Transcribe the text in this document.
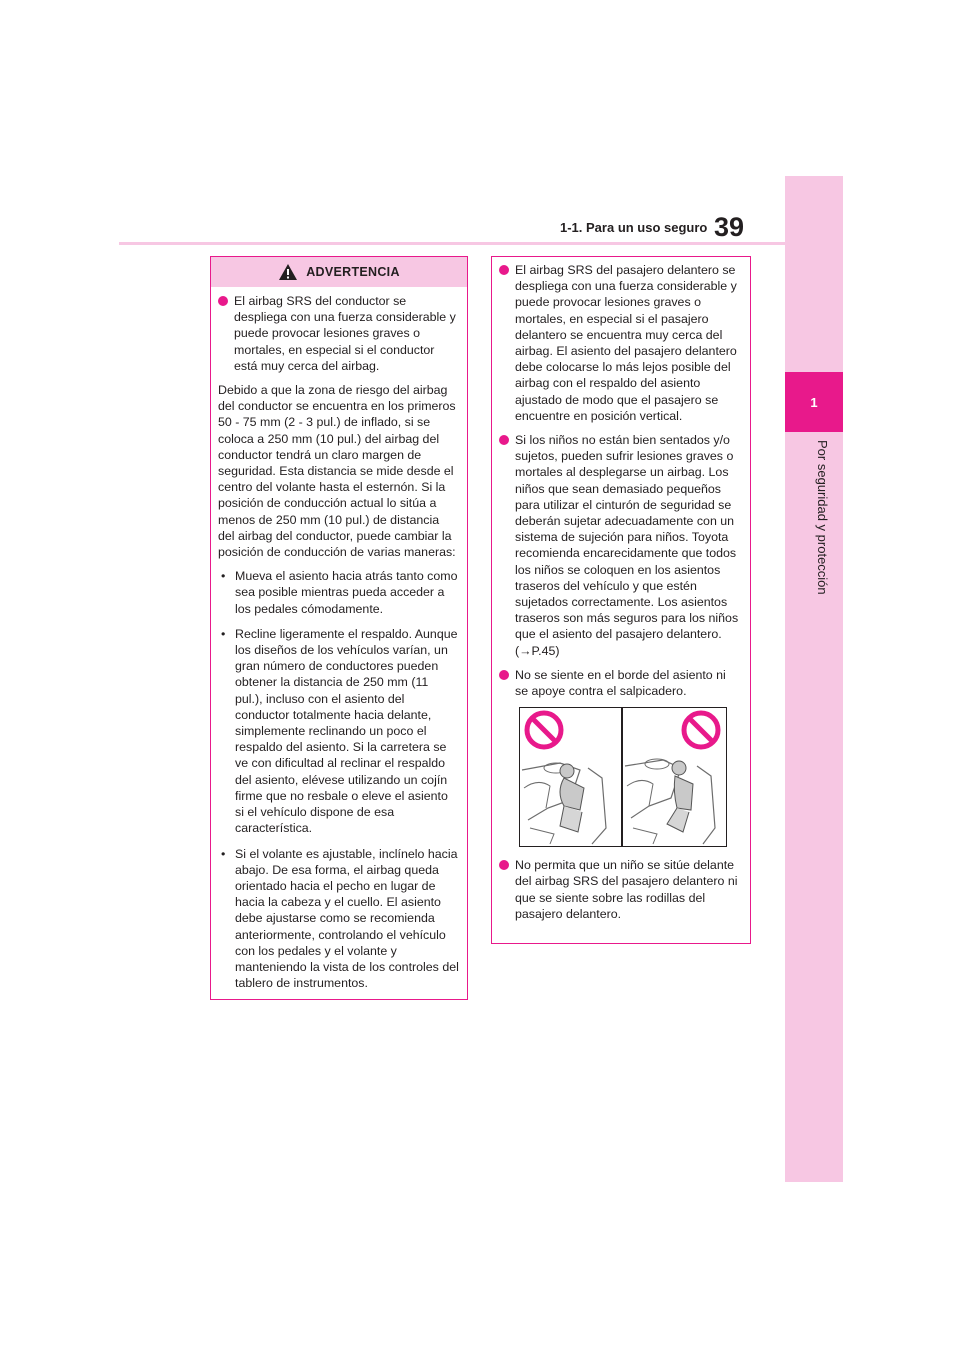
1-1. Para un uso seguro 39
1
Por seguridad y protección
ADVERTENCIA
El airbag SRS del conductor se despliega con una fuerza considerable y puede provocar lesiones graves o mortales, en especial si el conductor está muy cerca del airbag.
Debido a que la zona de riesgo del airbag del conductor se encuentra en los primeros 50 - 75 mm (2 - 3 pul.) de inflado, si se coloca a 250 mm (10 pul.) del airbag del conductor tendrá un claro margen de seguridad. Esta distancia se mide desde el centro del volante hasta el esternón. Si la posición de conducción actual lo sitúa a menos de 250 mm (10 pul.) de distancia del airbag del conductor, puede cambiar la posición de conducción de varias maneras:
• Mueva el asiento hacia atrás tanto como sea posible mientras pueda acceder a los pedales cómodamente.
• Recline ligeramente el respaldo. Aunque los diseños de los vehículos varían, un gran número de conductores pueden obtener la distancia de 250 mm (11 pul.), incluso con el asiento del conductor totalmente hacia delante, simplemente reclinando un poco el respaldo del asiento. Si la carretera se ve con dificultad al reclinar el respaldo del asiento, elévese utilizando un cojín firme que no resbale o eleve el asiento si el vehículo dispone de esa característica.
• Si el volante es ajustable, inclínelo hacia abajo. De esa forma, el airbag queda orientado hacia el pecho en lugar de hacia la cabeza y el cuello. El asiento debe ajustarse como se recomienda anteriormente, controlando el vehículo con los pedales y el volante y manteniendo la vista de los controles del tablero de instrumentos.
El airbag SRS del pasajero delantero se despliega con una fuerza considerable y puede provocar lesiones graves o mortales, en especial si el pasajero delantero se encuentra muy cerca del airbag. El asiento del pasajero delantero debe colocarse lo más lejos posible del airbag con el respaldo del asiento ajustado de modo que el pasajero se encuentre en posición vertical.
Si los niños no están bien sentados y/o sujetos, pueden sufrir lesiones graves o mortales al desplegarse un airbag. Los niños que sean demasiado pequeños para utilizar el cinturón de seguridad se deberán sujetar adecuadamente con un sistema de sujeción para niños. Toyota recomienda encarecidamente que todos los niños se coloquen en los asientos traseros del vehículo y que estén sujetados correctamente. Los asientos traseros son más seguros para los niños que el asiento del pasajero delantero. (→P.45)
No se siente en el borde del asiento ni se apoye contra el salpicadero.
No permita que un niño se sitúe delante del airbag SRS del pasajero delantero ni que se siente sobre las rodillas del pasajero delantero.
